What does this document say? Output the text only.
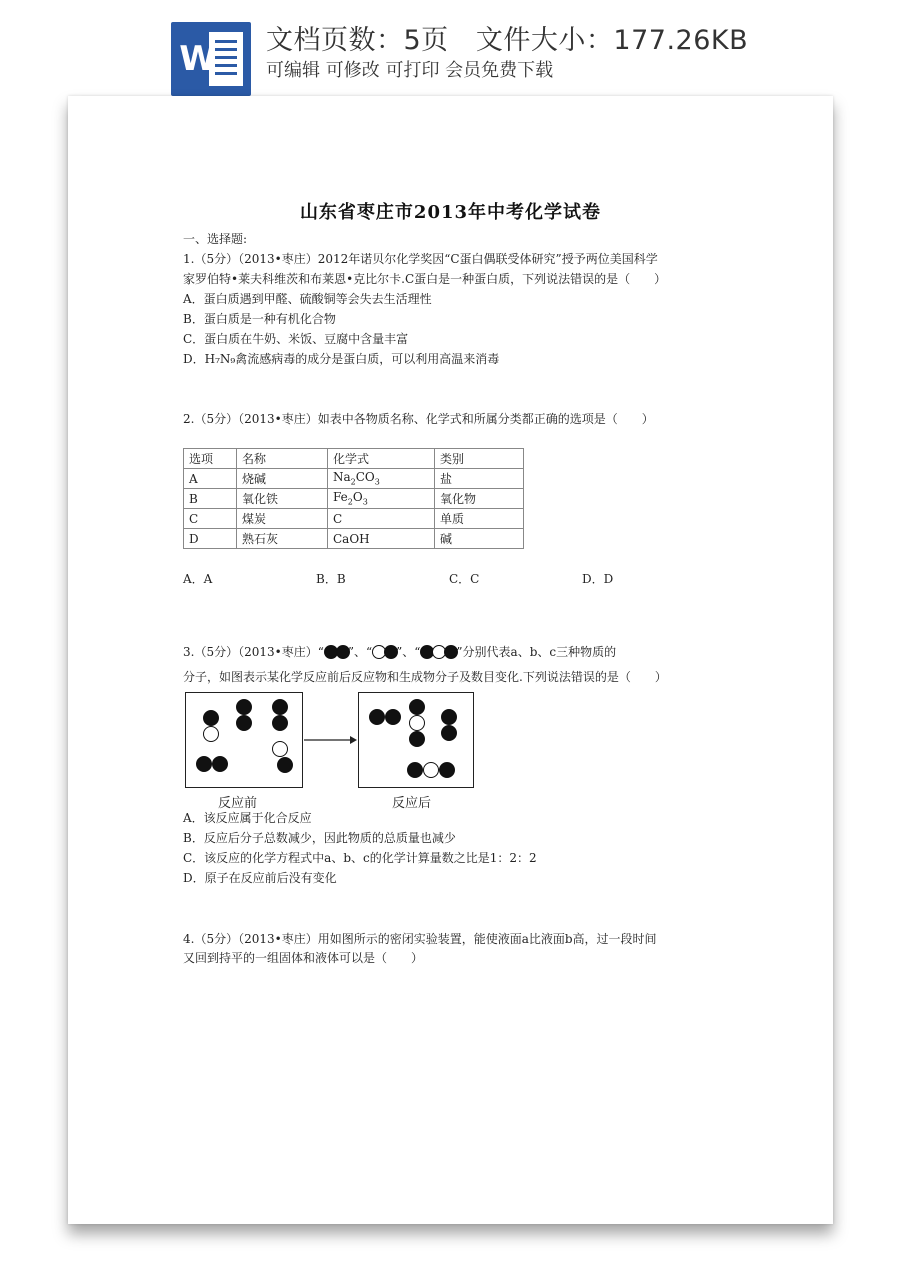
W 文档页数：5页   文件大小：177.26KB
可编辑 可修改 可打印 会员免费下载
山东省枣庄市2013年中考化学试卷
一、选择题:
1.（5分）（2013•枣庄）2012年诺贝尔化学奖因“C蛋白偶联受体研究”授予两位美国科学
家罗伯特•莱夫科维茨和布莱恩•克比尔卡.C蛋白是一种蛋白质，下列说法错误的是（　　）
A．蛋白质遇到甲醛、硫酸铜等会失去生活理性
B．蛋白质是一种有机化合物
C．蛋白质在牛奶、米饭、豆腐中含量丰富
D．H₇N₉禽流感病毒的成分是蛋白质，可以利用高温来消毒
2.（5分）（2013•枣庄）如表中各物质名称、化学式和所属分类都正确的选项是（　　）
选项	名称	化学式	类别
A	烧碱	$Na_2CO_3$	盐
B	氧化铁	$Fe_2O_3$	氧化物
C	煤炭	C	单质
D	熟石灰	CaOH	碱
A．A	B．B	C．C	D．D
3.（5分）（2013•枣庄）“ ”、“ ”、“	”分别代表a、b、c三种物质的
分子，如图表示某化学反应前后反应物和生成物分子及数目变化.下列说法错误的是（　　）
反应前	反应后
A．该反应属于化合反应
B．反应后分子总数减少，因此物质的总质量也减少
C．该反应的化学方程式中a、b、c的化学计算量数之比是1：2：2
D．原子在反应前后没有变化
4.（5分）（2013•枣庄）用如图所示的密闭实验装置，能使液面a比液面b高，过一段时间
又回到持平的一组固体和液体可以是（　　）
